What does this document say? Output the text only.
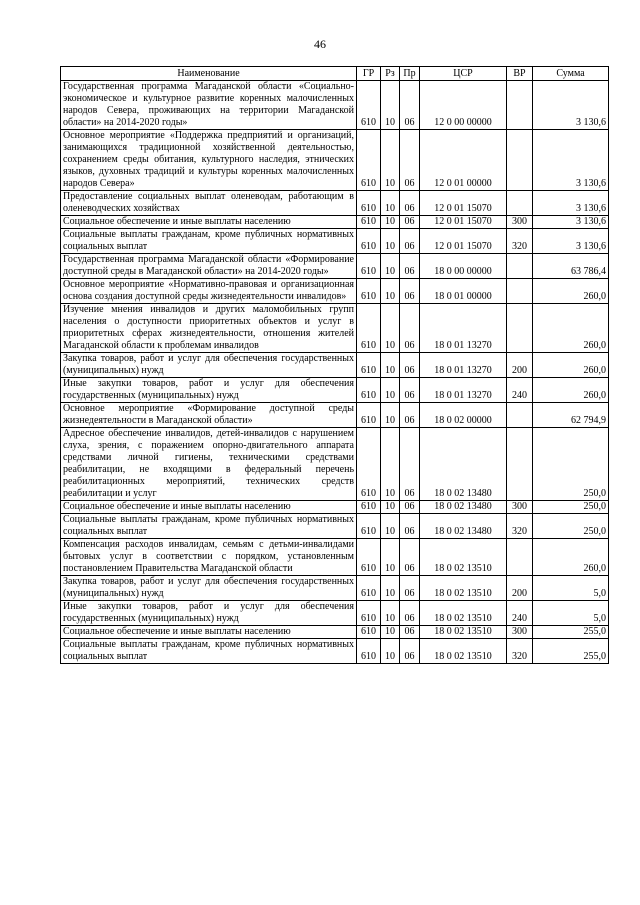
46
Наименование	ГР	Рз	Пр	ЦСР	ВР	Сумма
Государственная программа Магаданской области «Социально-экономическое и культурное развитие коренных малочисленных народов Севера, проживающих на территории Магаданской области» на 2014-2020 годы»	610	10	06	12 0 00 00000		3 130,6
Основное мероприятие «Поддержка предприятий и организаций, занимающихся традиционной хозяйственной деятельностью, сохранением среды обитания, культурного наследия, этнических языков, духовных традиций и культуры коренных малочисленных народов Севера»	610	10	06	12 0 01 00000		3 130,6
Предоставление социальных выплат оленеводам, работающим в оленеводческих хозяйствах	610	10	06	12 0 01 15070		3 130,6
Социальное обеспечение и иные выплаты населению	610	10	06	12 0 01 15070	300	3 130,6
Социальные выплаты гражданам, кроме публичных нормативных социальных выплат	610	10	06	12 0 01 15070	320	3 130,6
Государственная программа Магаданской области «Формирование доступной среды в Магаданской области» на 2014-2020 годы»	610	10	06	18 0 00 00000		63 786,4
Основное мероприятие «Нормативно-правовая и организационная основа создания доступной среды жизнедеятельности инвалидов»	610	10	06	18 0 01 00000		260,0
Изучение мнения инвалидов и других маломобильных групп населения о доступности приоритетных объектов и услуг в приоритетных сферах жизнедеятельности, отношения жителей Магаданской области к проблемам инвалидов	610	10	06	18 0 01 13270		260,0
Закупка товаров, работ и услуг для обеспечения государственных (муниципальных) нужд	610	10	06	18 0 01 13270	200	260,0
Иные закупки товаров, работ и услуг для обеспечения государственных (муниципальных) нужд	610	10	06	18 0 01 13270	240	260,0
Основное мероприятие «Формирование доступной среды жизнедеятельности в Магаданской области»	610	10	06	18 0 02 00000		62 794,9
Адресное обеспечение инвалидов, детей-инвалидов с нарушением слуха, зрения, с поражением опорно-двигательного аппарата средствами личной гигиены, техническими средствами реабилитации, не входящими в федеральный перечень реабилитационных мероприятий, технических средств реабилитации и услуг	610	10	06	18 0 02 13480		250,0
Социальное обеспечение и иные выплаты населению	610	10	06	18 0 02 13480	300	250,0
Социальные выплаты гражданам, кроме публичных нормативных социальных выплат	610	10	06	18 0 02 13480	320	250,0
Компенсация расходов инвалидам, семьям с детьми-инвалидами бытовых услуг в соответствии с порядком, установленным постановлением Правительства Магаданской области	610	10	06	18 0 02 13510		260,0
Закупка товаров, работ и услуг для обеспечения государственных (муниципальных) нужд	610	10	06	18 0 02 13510	200	5,0
Иные закупки товаров, работ и услуг для обеспечения государственных (муниципальных) нужд	610	10	06	18 0 02 13510	240	5,0
Социальное обеспечение и иные выплаты населению	610	10	06	18 0 02 13510	300	255,0
Социальные выплаты гражданам, кроме публичных нормативных социальных выплат	610	10	06	18 0 02 13510	320	255,0
